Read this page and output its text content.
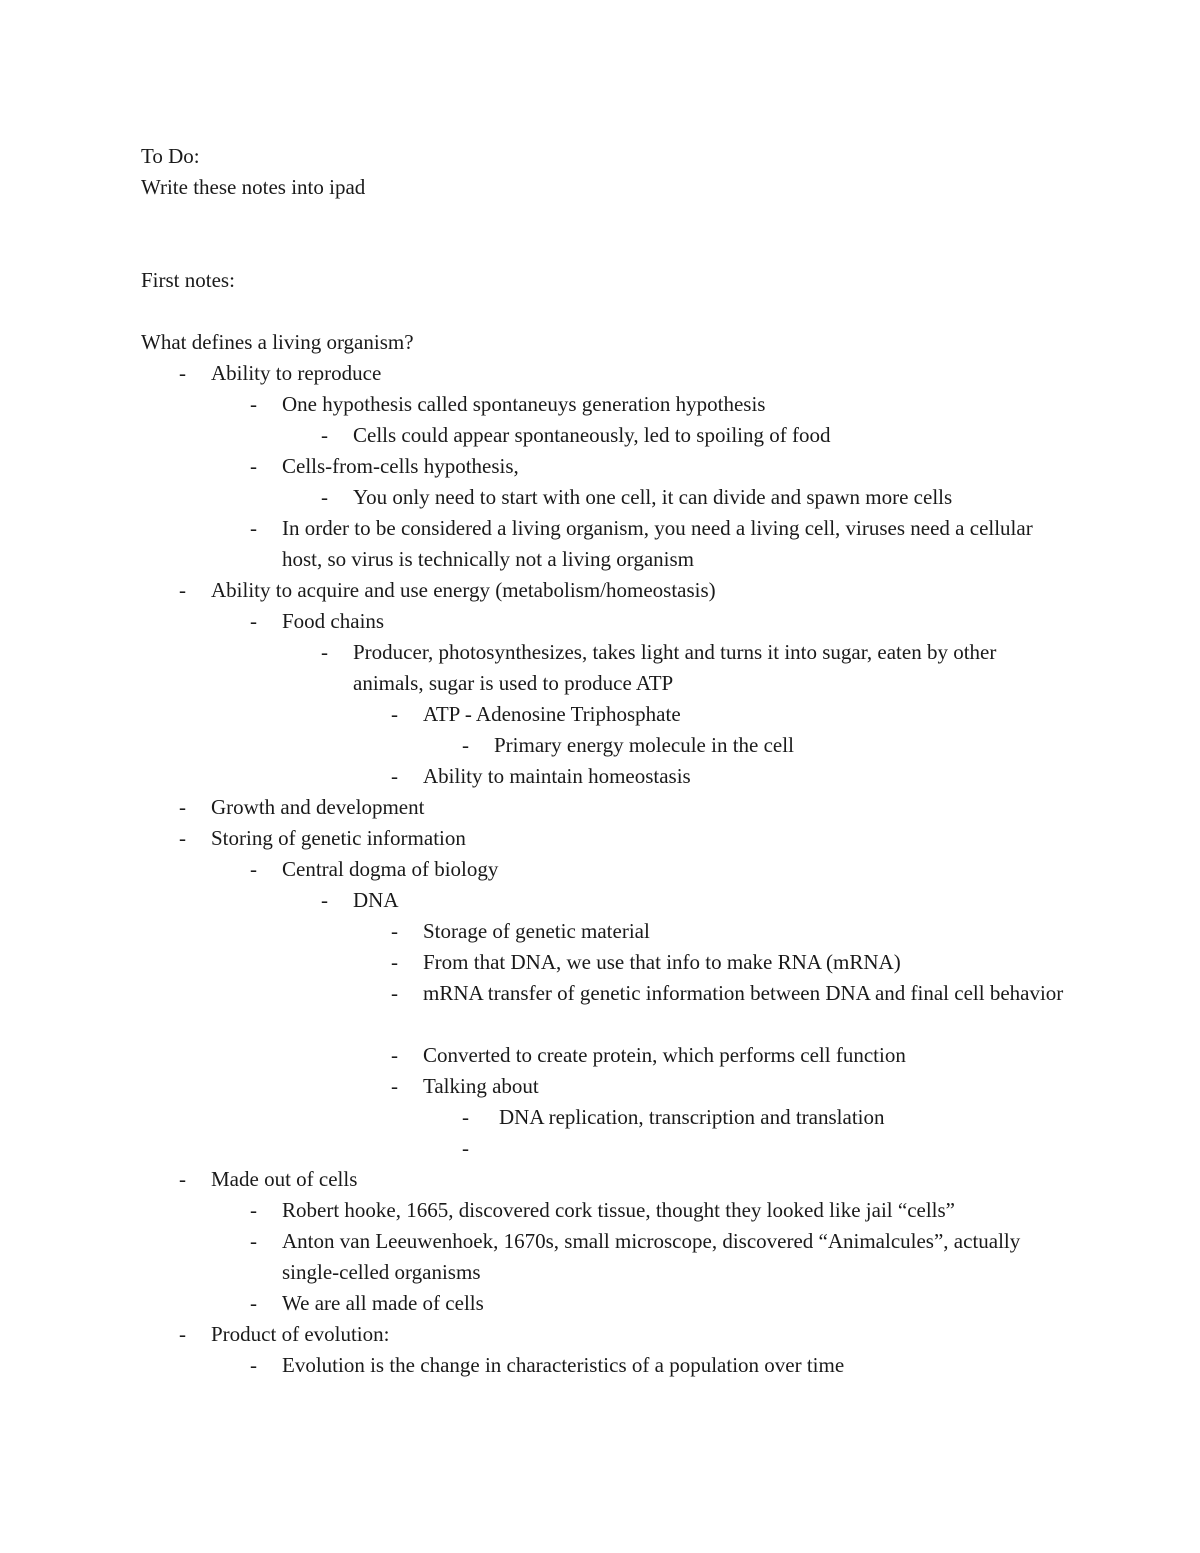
To Do:
Write these notes into ipad
First notes:
What defines a living organism?
-	Ability to reproduce
-	One hypothesis called spontaneuys generation hypothesis
-	Cells could appear spontaneously, led to spoiling of food
-	Cells-from-cells hypothesis,
-	You only need to start with one cell, it can divide and spawn more cells
-	In order to be considered a living organism, you need a living cell, viruses need a cellular host, so virus is technically not a living organism
-	Ability to acquire and use energy (metabolism/homeostasis)
-	Food chains
-	Producer, photosynthesizes, takes light and turns it into sugar, eaten by other animals, sugar is used to produce ATP
-	ATP - Adenosine Triphosphate
-	Primary energy molecule in the cell
-	Ability to maintain homeostasis
-	Growth and development
-	Storing of genetic information
-	Central dogma of biology
-	DNA
-	Storage of genetic material
-	From that DNA, we use that info to make RNA (mRNA)
-	mRNA transfer of genetic information between DNA and final cell behavior
-	Converted to create protein, which performs cell function
-	Talking about
-	DNA replication, transcription and translation
-
-	Made out of cells
-	Robert hooke, 1665, discovered cork tissue, thought they looked like jail “cells”
-	Anton van Leeuwenhoek, 1670s, small microscope, discovered “Animalcules”, actually single-celled organisms
-	We are all made of cells
-	Product of evolution:
-	Evolution is the change in characteristics of a population over time
